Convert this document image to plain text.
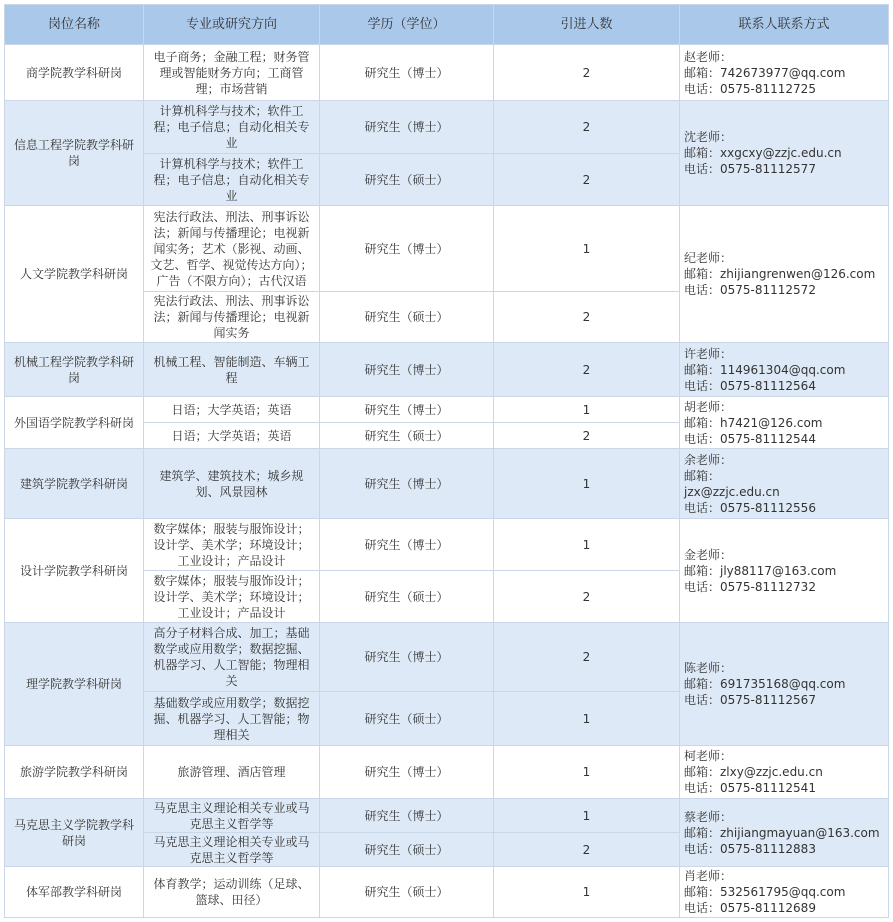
岗位名称	专业或研究方向	学历（学位）	引进人数	联系人联系方式
商学院教学科研岗	电子商务；金融工程；财务管理或智能财务方向；工商管理；市场营销	研究生（博士）	2	赵老师：
邮箱：742673977@qq.com
电话：0575-81112725

信息工程学院教学科研岗	计算机科学与技术；软件工程；电子信息；自动化相关专业	研究生（博士）	2	沈老师：
邮箱：xxgcxy@zzjc.edu.cn
电话：0575-81112577

	计算机科学与技术；软件工程；电子信息；自动化相关专业	研究生（硕士）	2	
人文学院教学科研岗	宪法行政法、刑法、刑事诉讼法；新闻与传播理论；电视新闻实务；艺术（影视、动画、文艺、哲学、视觉传达方向）；广告（不限方向）；古代汉语	研究生（博士）	1	纪老师：
邮箱：zhijiangrenwen@126.com
电话：0575-81112572

	宪法行政法、刑法、刑事诉讼法；新闻与传播理论；电视新闻实务	研究生（硕士）	2	
机械工程学院教学科研岗	机械工程、智能制造、车辆工程	研究生（博士）	2	许老师：
邮箱：114961304@qq.com
电话：0575-81112564

外国语学院教学科研岗	日语；大学英语；英语	研究生（博士）	1	胡老师：
邮箱：h7421@126.com
电话：0575-81112544

	日语；大学英语；英语	研究生（硕士）	2	
建筑学院教学科研岗	建筑学、建筑技术；城乡规划、风景园林	研究生（博士）	1	余老师：
邮箱：
jzx@zzjc.edu.cn
电话：0575-81112556

设计学院教学科研岗	数字媒体；服装与服饰设计；设计学、美术学；环境设计；工业设计；产品设计	研究生（博士）	1	金老师：
邮箱：jly88117@163.com
电话：0575-81112732

	数字媒体；服装与服饰设计；设计学、美术学；环境设计；工业设计；产品设计	研究生（硕士）	2	
理学院教学科研岗	高分子材料合成、加工；基础数学或应用数学；数据挖掘、机器学习、人工智能；物理相关	研究生（博士）	2	陈老师：
邮箱：691735168@qq.com
电话：0575-81112567

	基础数学或应用数学；数据挖掘、机器学习、人工智能；物理相关	研究生（硕士）	1	
旅游学院教学科研岗	旅游管理、酒店管理	研究生（博士）	1	柯老师：
邮箱：zlxy@zzjc.edu.cn
电话：0575-81112541

马克思主义学院教学科研岗	马克思主义理论相关专业或马克思主义哲学等	研究生（博士）	1	蔡老师：
邮箱：zhijiangmayuan@163.com
电话：0575-81112883

	马克思主义理论相关专业或马克思主义哲学等	研究生（硕士）	2	
体军部教学科研岗	体育教学；运动训练（足球、篮球、田径）	研究生（硕士）	1	肖老师：
邮箱：532561795@qq.com
电话：0575-81112689
